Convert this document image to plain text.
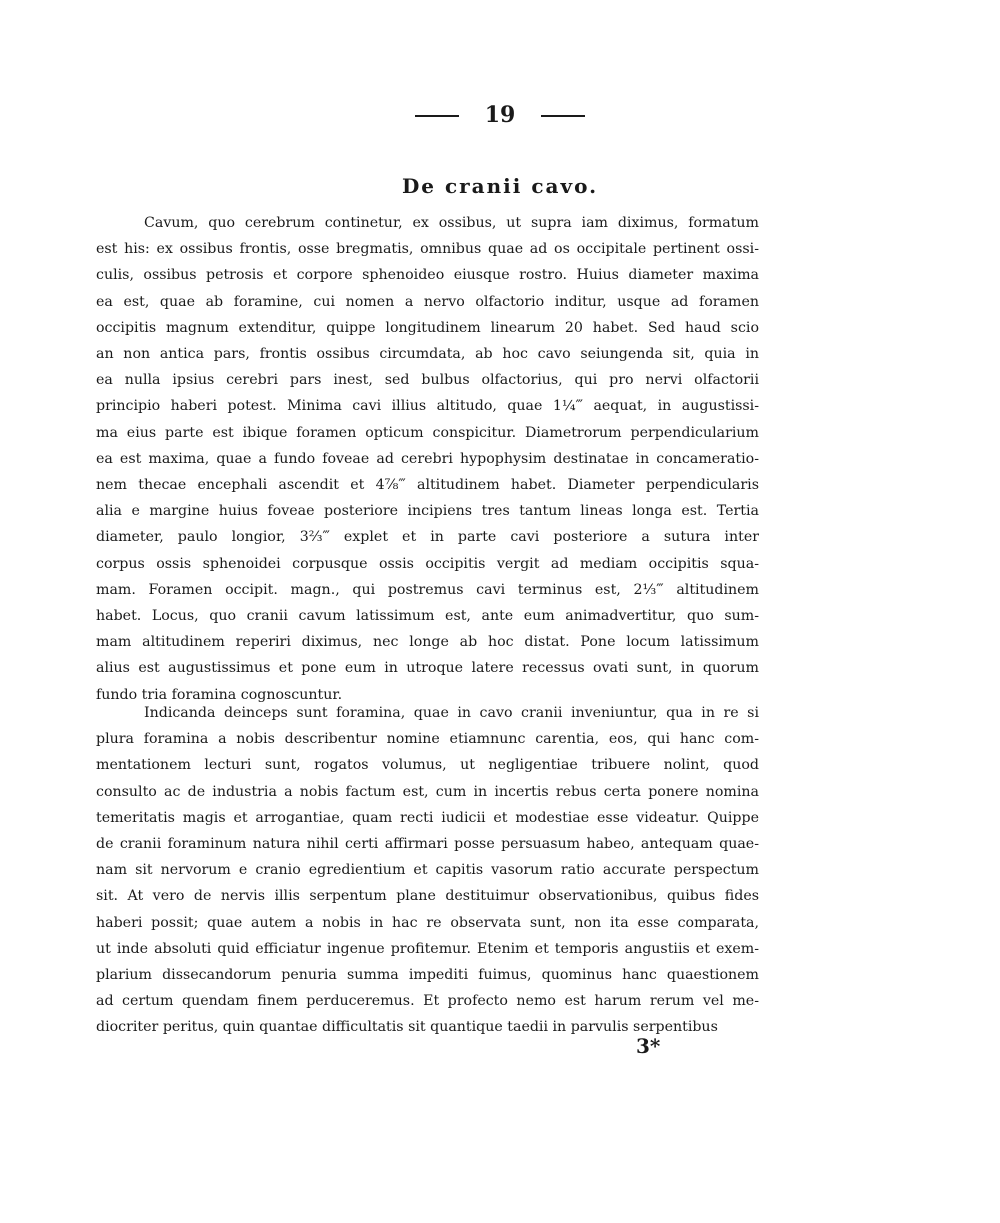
19
De cranii cavo.
Cavum, quo cerebrum continetur, ex ossibus, ut supra iam diximus, formatum
est his: ex ossibus frontis, osse bregmatis, omnibus quae ad os occipitale pertinent ossi-
culis, ossibus petrosis et corpore sphenoideo eiusque rostro. Huius diameter maxima
ea est, quae ab foramine, cui nomen a nervo olfactorio inditur, usque ad foramen
occipitis magnum extenditur, quippe longitudinem linearum 20 habet. Sed haud scio
an non antica pars, frontis ossibus circumdata, ab hoc cavo seiungenda sit, quia in
ea nulla ipsius cerebri pars inest, sed bulbus olfactorius, qui pro nervi olfactorii
principio haberi potest. Minima cavi illius altitudo, quae 1¼‴ aequat, in augustissi-
ma eius parte est ibique foramen opticum conspicitur. Diametrorum perpendicularium
ea est maxima, quae a fundo foveae ad cerebri hypophysim destinatae in concameratio-
nem thecae encephali ascendit et 4⅞‴ altitudinem habet. Diameter perpendicularis
alia e margine huius foveae posteriore incipiens tres tantum lineas longa est. Tertia
diameter, paulo longior, 3⅔‴ explet et in parte cavi posteriore a sutura inter
corpus ossis sphenoidei corpusque ossis occipitis vergit ad mediam occipitis squa-
mam. Foramen occipit. magn., qui postremus cavi terminus est, 2⅓‴ altitudinem
habet. Locus, quo cranii cavum latissimum est, ante eum animadvertitur, quo sum-
mam altitudinem reperiri diximus, nec longe ab hoc distat. Pone locum latissimum
alius est augustissimus et pone eum in utroque latere recessus ovati sunt, in quorum
fundo tria foramina cognoscuntur.
Indicanda deinceps sunt foramina, quae in cavo cranii inveniuntur, qua in re si
plura foramina a nobis describentur nomine etiamnunc carentia, eos, qui hanc com-
mentationem lecturi sunt, rogatos volumus, ut negligentiae tribuere nolint, quod
consulto ac de industria a nobis factum est, cum in incertis rebus certa ponere nomina
temeritatis magis et arrogantiae, quam recti iudicii et modestiae esse videatur. Quippe
de cranii foraminum natura nihil certi affirmari posse persuasum habeo, antequam quae-
nam sit nervorum e cranio egredientium et capitis vasorum ratio accurate perspectum
sit. At vero de nervis illis serpentum plane destituimur observationibus, quibus fides
haberi possit; quae autem a nobis in hac re observata sunt, non ita esse comparata,
ut inde absoluti quid efficiatur ingenue profitemur. Etenim et temporis angustiis et exem-
plarium dissecandorum penuria summa impediti fuimus, quominus hanc quaestionem
ad certum quendam finem perduceremus. Et profecto nemo est harum rerum vel me-
diocriter peritus, quin quantae difficultatis sit quantique taedii in parvulis serpentibus
3*
